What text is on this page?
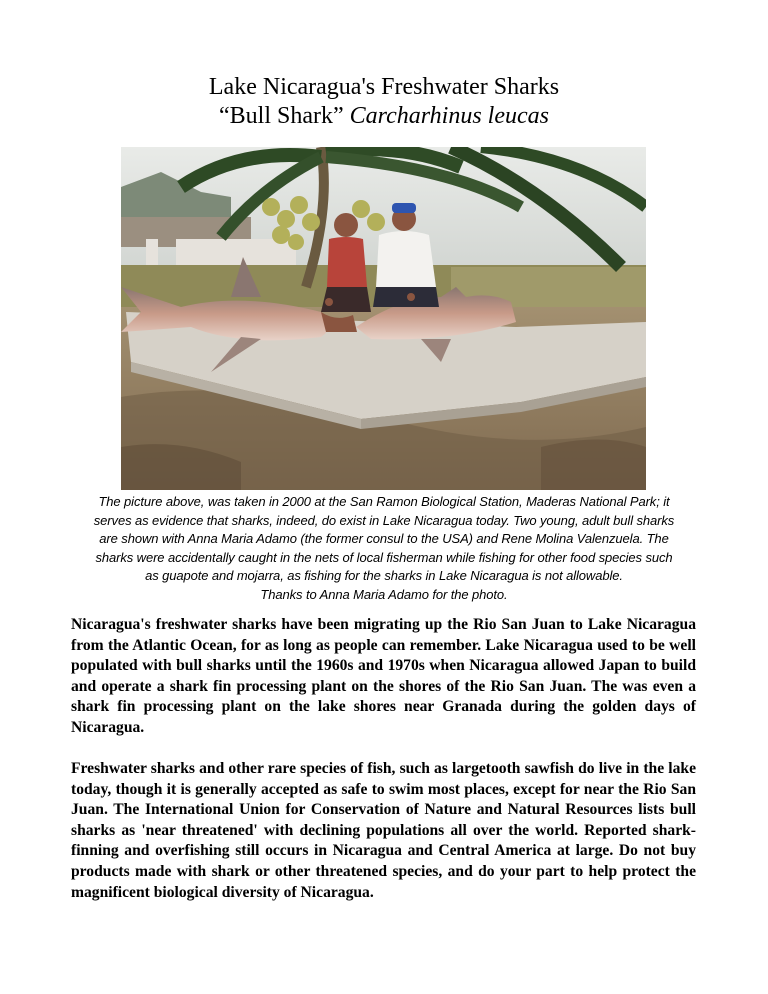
Lake Nicaragua's Freshwater Sharks
“Bull Shark” Carcharhinus leucas
The picture above, was taken in 2000 at the San Ramon Biological Station, Maderas National Park; it
serves as evidence that sharks, indeed, do exist in Lake Nicaragua today. Two young, adult bull sharks
are shown with Anna Maria Adamo (the former consul to the USA) and Rene Molina Valenzuela. The
sharks were accidentally caught in the nets of local fisherman while fishing for other food species such
as guapote and mojarra, as fishing for the sharks in Lake Nicaragua is not allowable.
Thanks to Anna Maria Adamo for the photo.

Nicaragua's freshwater sharks have been migrating up the Rio San Juan to Lake Nicaragua from the Atlantic Ocean, for as long as people can remember. Lake Nicaragua used to be well populated with bull sharks until the 1960s and 1970s when Nicaragua allowed Japan to build and operate a shark fin processing plant on the shores of the Rio San Juan. The was even a shark fin processing plant on the lake shores near Granada during the golden days of Nicaragua.

Freshwater sharks and other rare species of fish, such as largetooth sawfish do live in the lake today, though it is generally accepted as safe to swim most places, except for near the Rio San Juan. The International Union for Conservation of Nature and Natural Resources lists bull sharks as 'near threatened' with declining populations all over the world. Reported shark- finning and overfishing still occurs in Nicaragua and Central America at large. Do not buy products made with shark or other threatened species, and do your part to help protect the magnificent biological diversity of Nicaragua.
